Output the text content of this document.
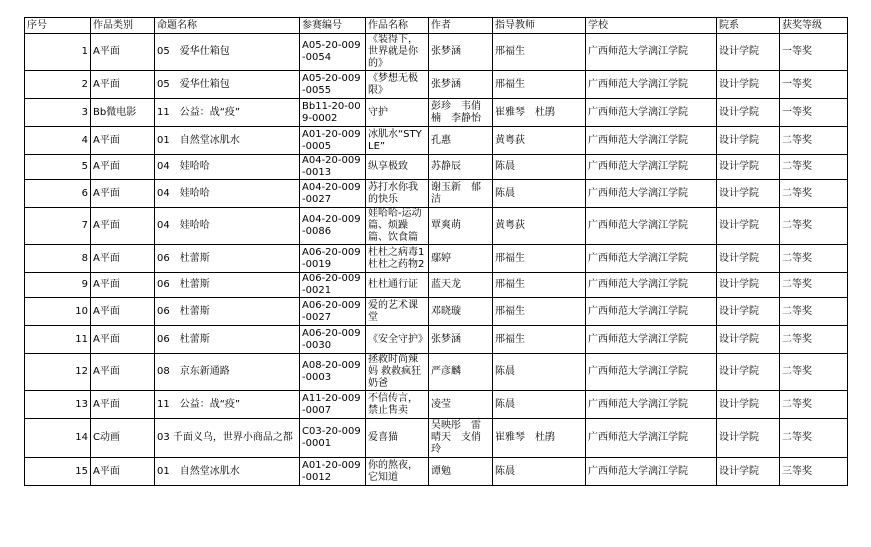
序号	作品类别	命题名称	参赛编号	作品名称	作者	指导教师	学校	院系	获奖等级
1	A平面	05　爱华仕箱包	A05-20-009-0054	《装得下，世界就是你的》	张梦涵	邢福生	广西师范大学漓江学院	设计学院	一等奖
2	A平面	05　爱华仕箱包	A05-20-009-0055	《梦想无极限》	张梦涵	邢福生	广西师范大学漓江学院	设计学院	一等奖
3	Bb微电影	11　公益：战“疫”	Bb11-20-009-0002	守护	彭珍　韦俏楠　李静怡	崔雅琴　杜鹃	广西师范大学漓江学院	设计学院	一等奖
4	A平面	01　自然堂冰肌水	A01-20-009-0005	冰肌水“STYLE”	孔惠	黄粤荻	广西师范大学漓江学院	设计学院	二等奖
5	A平面	04　娃哈哈	A04-20-009-0013	纵享极致	苏静辰	陈晨	广西师范大学漓江学院	设计学院	二等奖
6	A平面	04　娃哈哈	A04-20-009-0027	苏打水你我的快乐	谢玉新　郁洁	陈晨	广西师范大学漓江学院	设计学院	二等奖
7	A平面	04　娃哈哈	A04-20-009-0086	娃哈哈-运动篇、烦躁篇、饮食篇	覃爽萌	黄粤荻	广西师范大学漓江学院	设计学院	二等奖
8	A平面	06　杜蕾斯	A06-20-009-0019	杜杜之病毒1杜杜之药物2	鄢婷	邢福生	广西师范大学漓江学院	设计学院	二等奖
9	A平面	06　杜蕾斯	A06-20-009-0021	杜杜通行证	蓝天龙	邢福生	广西师范大学漓江学院	设计学院	二等奖
10	A平面	06　杜蕾斯	A06-20-009-0027	爱的艺术课堂	邓晓璇	邢福生	广西师范大学漓江学院	设计学院	二等奖
11	A平面	06　杜蕾斯	A06-20-009-0030	《安全守护》	张梦涵	邢福生	广西师范大学漓江学院	设计学院	二等奖
12	A平面	08　京东新通路	A08-20-009-0003	拯救时尚辣妈 救救疯狂奶爸	严彦麟	陈晨	广西师范大学漓江学院	设计学院	二等奖
13	A平面	11　公益：战“疫”	A11-20-009-0007	不信传言，禁止售卖	凌莹	陈晨	广西师范大学漓江学院	设计学院	二等奖
14	C动画	03 千面义乌，世界小商品之都	C03-20-009-0001	爱喜猫	吴映彤　雷晴天　支俏玲	崔雅琴　杜鹃	广西师范大学漓江学院	设计学院	二等奖
15	A平面	01　自然堂冰肌水	A01-20-009-0012	你的熬夜，它知道	谭勉	陈晨	广西师范大学漓江学院	设计学院	三等奖
